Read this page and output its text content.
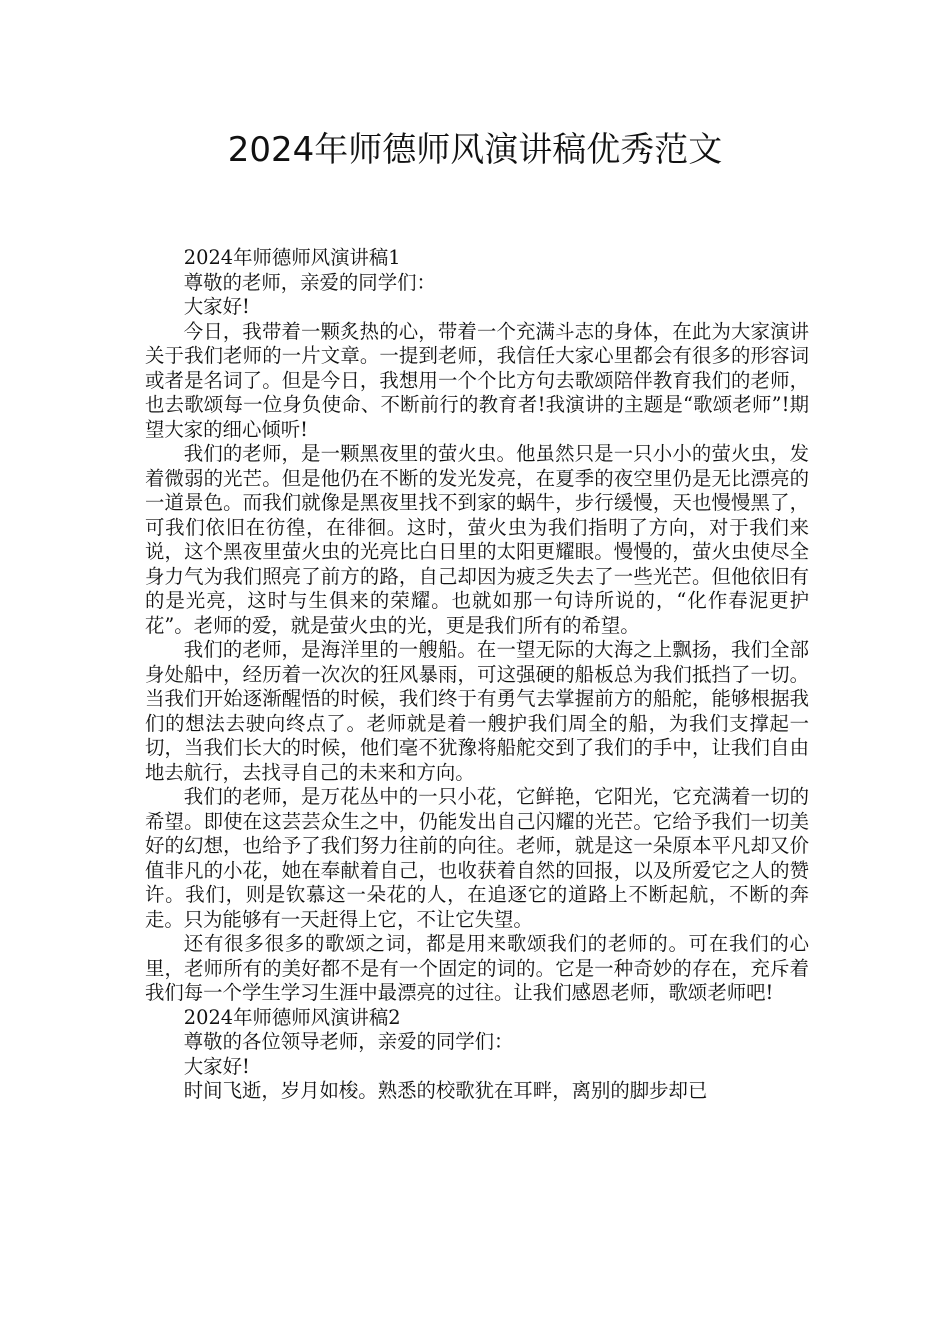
2024年师德师风演讲稿优秀范文

2024年师德师风演讲稿1

尊敬的老师，亲爱的同学们：

大家好!

今日，我带着一颗炙热的心，带着一个充满斗志的身体，在此为大家演讲关于我们老师的一片文章。一提到老师，我信任大家心里都会有很多的形容词或者是名词了。但是今日，我想用一个个比方句去歌颂陪伴教育我们的老师，也去歌颂每一位身负使命、不断前行的教育者!我演讲的主题是“歌颂老师”!期望大家的细心倾听!

我们的老师，是一颗黑夜里的萤火虫。他虽然只是一只小小的萤火虫，发着微弱的光芒。但是他仍在不断的发光发亮，在夏季的夜空里仍是无比漂亮的一道景色。而我们就像是黑夜里找不到家的蜗牛，步行缓慢，天也慢慢黑了，可我们依旧在彷徨，在徘徊。这时，萤火虫为我们指明了方向，对于我们来说，这个黑夜里萤火虫的光亮比白日里的太阳更耀眼。慢慢的，萤火虫使尽全身力气为我们照亮了前方的路，自己却因为疲乏失去了一些光芒。但他依旧有的是光亮，这时与生俱来的荣耀。也就如那一句诗所说的，“化作春泥更护花”。老师的爱，就是萤火虫的光，更是我们所有的希望。

我们的老师，是海洋里的一艘船。在一望无际的大海之上飘扬，我们全部身处船中，经历着一次次的狂风暴雨，可这强硬的船板总为我们抵挡了一切。当我们开始逐渐醒悟的时候，我们终于有勇气去掌握前方的船舵，能够根据我们的想法去驶向终点了。老师就是着一艘护我们周全的船，为我们支撑起一切，当我们长大的时候，他们毫不犹豫将船舵交到了我们的手中，让我们自由地去航行，去找寻自己的未来和方向。

我们的老师，是万花丛中的一只小花，它鲜艳，它阳光，它充满着一切的希望。即使在这芸芸众生之中，仍能发出自己闪耀的光芒。它给予我们一切美好的幻想，也给予了我们努力往前的向往。老师，就是这一朵原本平凡却又价值非凡的小花，她在奉献着自己，也收获着自然的回报，以及所爱它之人的赞许。我们，则是钦慕这一朵花的人，在追逐它的道路上不断起航，不断的奔走。只为能够有一天赶得上它，不让它失望。

还有很多很多的歌颂之词，都是用来歌颂我们的老师的。可在我们的心里，老师所有的美好都不是有一个固定的词的。它是一种奇妙的存在，充斥着我们每一个学生学习生涯中最漂亮的过往。让我们感恩老师，歌颂老师吧!

2024年师德师风演讲稿2

尊敬的各位领导老师，亲爱的同学们：

大家好!

时间飞逝，岁月如梭。熟悉的校歌犹在耳畔，离别的脚步却已
